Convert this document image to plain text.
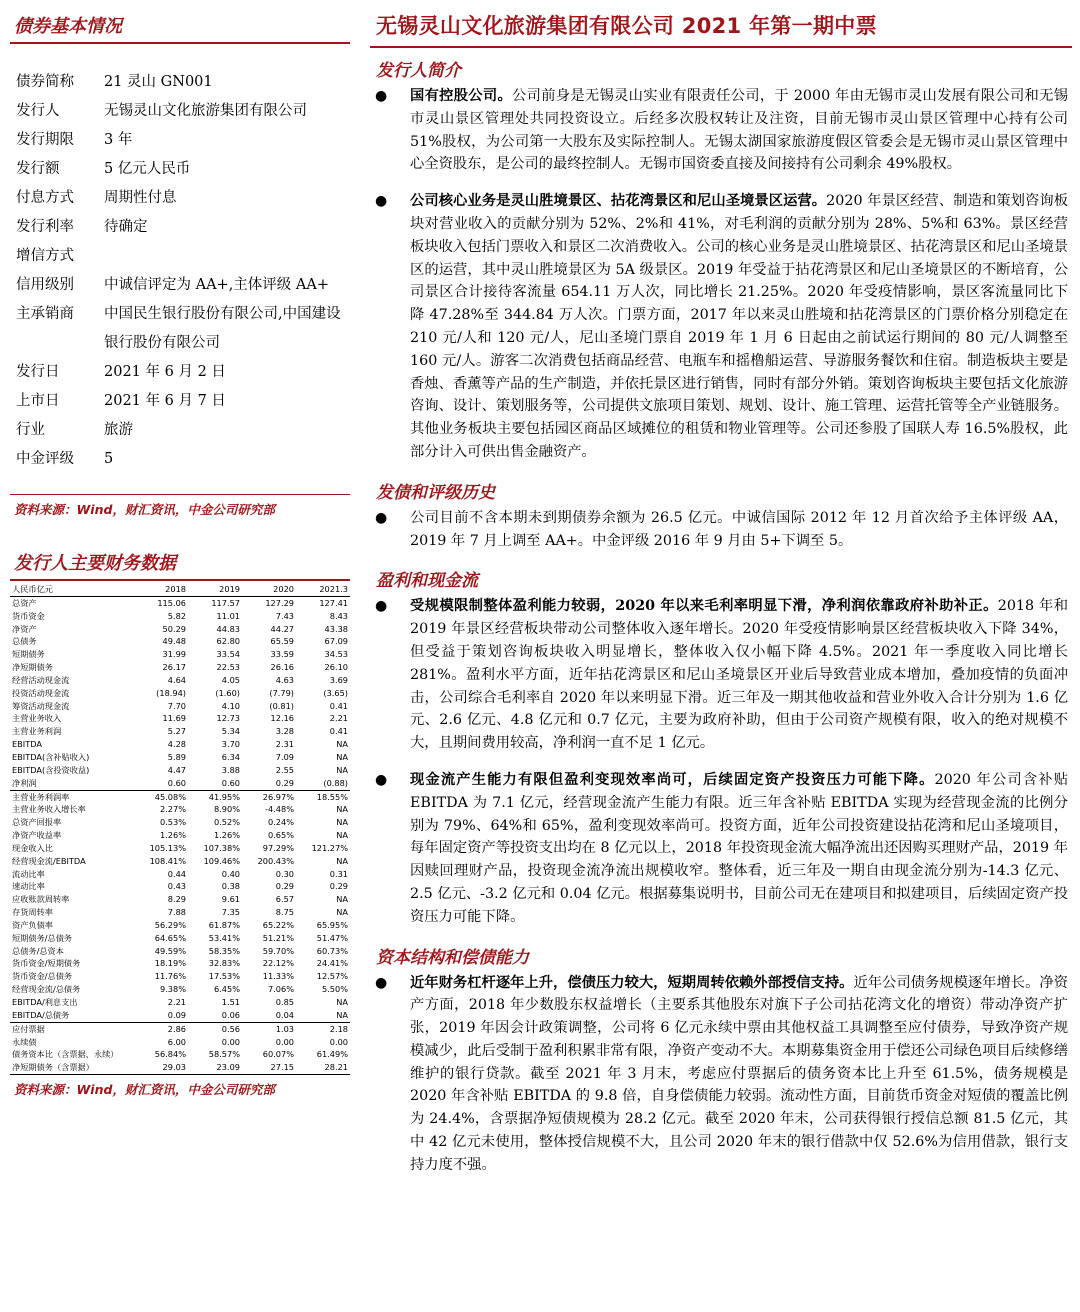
债券基本情况
债券简称	21 灵山 GN001
发行人	无锡灵山文化旅游集团有限公司
发行期限	3 年
发行额	5 亿元人民币
付息方式	周期性付息
发行利率	待确定
增信方式	
信用级别	中诚信评定为 AA+,主体评级 AA+
主承销商	中国民生银行股份有限公司,中国建设银行股份有限公司
发行日	2021 年 6 月 2 日
上市日	2021 年 6 月 7 日
行业	旅游
中金评级	5
资料来源：Wind，财汇资讯，中金公司研究部
发行人主要财务数据
人民币亿元	2018	2019	2020	2021.3
总资产	115.06	117.57	127.29	127.41
货币资金	5.82	11.01	7.43	8.43
净资产	50.29	44.83	44.27	43.38
总债务	49.48	62.80	65.59	67.09
短期债务	31.99	33.54	33.59	34.53
净短期债务	26.17	22.53	26.16	26.10
经营活动现金流	4.64	4.05	4.63	3.69
投资活动现金流	(18.94)	(1.60)	(7.79)	(3.65)
筹资活动现金流	7.70	4.10	(0.81)	0.41
主营业务收入	11.69	12.73	12.16	2.21
主营业务利润	5.27	5.34	3.28	0.41
EBITDA	4.28	3.70	2.31	NA
EBITDA(含补贴收入)	5.89	6.34	7.09	NA
EBITDA(含投资收益)	4.47	3.88	2.55	NA
净利润	0.60	0.60	0.29	(0.88)
主营业务利润率	45.08%	41.95%	26.97%	18.55%
主营业务收入增长率	2.27%	8.90%	-4.48%	NA
总资产回报率	0.53%	0.52%	0.24%	NA
净资产收益率	1.26%	1.26%	0.65%	NA
现金收入比	105.13%	107.38%	97.29%	121.27%
经营现金流/EBITDA	108.41%	109.46%	200.43%	NA
流动比率	0.44	0.40	0.30	0.31
速动比率	0.43	0.38	0.29	0.29
应收账款周转率	8.29	9.61	6.57	NA
存货周转率	7.88	7.35	8.75	NA
资产负债率	56.29%	61.87%	65.22%	65.95%
短期债务/总债务	64.65%	53.41%	51.21%	51.47%
总债务/总资本	49.59%	58.35%	59.70%	60.73%
货币资金/短期债务	18.19%	32.83%	22.12%	24.41%
货币资金/总债务	11.76%	17.53%	11.33%	12.57%
经营现金流/总债务	9.38%	6.45%	7.06%	5.50%
EBITDA/利息支出	2.21	1.51	0.85	NA
EBITDA/总债务	0.09	0.06	0.04	NA
应付票据	2.86	0.56	1.03	2.18
永续债	6.00	0.00	0.00	0.00
债务资本比（含票据、永续）	56.84%	58.57%	60.07%	61.49%
净短期债务（含票据）	29.03	23.09	27.15	28.21
资料来源：Wind，财汇资讯，中金公司研究部
无锡灵山文化旅游集团有限公司 2021 年第一期中票
发行人简介
● 国有控股公司。公司前身是无锡灵山实业有限责任公司，于 2000 年由无锡市灵山发展有限公司和无锡市灵山景区管理处共同投资设立。后经多次股权转让及注资，目前无锡市灵山景区管理中心持有公司 51%股权，为公司第一大股东及实际控制人。无锡太湖国家旅游度假区管委会是无锡市灵山景区管理中心全资股东，是公司的最终控制人。无锡市国资委直接及间接持有公司剩余 49%股权。
● 公司核心业务是灵山胜境景区、拈花湾景区和尼山圣境景区运营。2020 年景区经营、制造和策划咨询板块对营业收入的贡献分别为 52%、2%和 41%，对毛利润的贡献分别为 28%、5%和 63%。景区经营板块收入包括门票收入和景区二次消费收入。公司的核心业务是灵山胜境景区、拈花湾景区和尼山圣境景区的运营，其中灵山胜境景区为 5A 级景区。2019 年受益于拈花湾景区和尼山圣境景区的不断培育，公司景区合计接待客流量 654.11 万人次，同比增长 21.25%。2020 年受疫情影响，景区客流量同比下降 47.28%至 344.84 万人次。门票方面，2017 年以来灵山胜境和拈花湾景区的门票价格分别稳定在 210 元/人和 120 元/人，尼山圣境门票自 2019 年 1 月 6 日起由之前试运行期间的 80 元/人调整至 160 元/人。游客二次消费包括商品经营、电瓶车和摇橹船运营、导游服务餐饮和住宿。制造板块主要是香烛、香薰等产品的生产制造，并依托景区进行销售，同时有部分外销。策划咨询板块主要包括文化旅游咨询、设计、策划服务等，公司提供文旅项目策划、规划、设计、施工管理、运营托管等全产业链服务。其他业务板块主要包括园区商品区域摊位的租赁和物业管理等。公司还参股了国联人寿 16.5%股权，此部分计入可供出售金融资产。
发债和评级历史
● 公司目前不含本期未到期债券余额为 26.5 亿元。中诚信国际 2012 年 12 月首次给予主体评级 AA，2019 年 7 月上调至 AA+。中金评级 2016 年 9 月由 5+下调至 5。
盈利和现金流
● 受规模限制整体盈利能力较弱，2020 年以来毛利率明显下滑，净利润依靠政府补助补正。2018 年和 2019 年景区经营板块带动公司整体收入逐年增长。2020 年受疫情影响景区经营板块收入下降 34%，但受益于策划咨询板块收入明显增长，整体收入仅小幅下降 4.5%。2021 年一季度收入同比增长 281%。盈利水平方面，近年拈花湾景区和尼山圣境景区开业后导致营业成本增加，叠加疫情的负面冲击，公司综合毛利率自 2020 年以来明显下滑。近三年及一期其他收益和营业外收入合计分别为 1.6 亿元、2.6 亿元、4.8 亿元和 0.7 亿元，主要为政府补助，但由于公司资产规模有限，收入的绝对规模不大，且期间费用较高，净利润一直不足 1 亿元。
● 现金流产生能力有限但盈利变现效率尚可，后续固定资产投资压力可能下降。2020 年公司含补贴 EBITDA 为 7.1 亿元，经营现金流产生能力有限。近三年含补贴 EBITDA 实现为经营现金流的比例分别为 79%、64%和 65%，盈利变现效率尚可。投资方面，近年公司投资建设拈花湾和尼山圣境项目，每年固定资产等投资支出均在 8 亿元以上，2018 年投资现金流大幅净流出还因购买理财产品，2019 年因赎回理财产品，投资现金流净流出规模收窄。整体看，近三年及一期自由现金流分别为-14.3 亿元、2.5 亿元、-3.2 亿元和 0.04 亿元。根据募集说明书，目前公司无在建项目和拟建项目，后续固定资产投资压力可能下降。
资本结构和偿债能力
● 近年财务杠杆逐年上升，偿债压力较大，短期周转依赖外部授信支持。近年公司债务规模逐年增长。净资产方面，2018 年少数股东权益增长（主要系其他股东对旗下子公司拈花湾文化的增资）带动净资产扩张，2019 年因会计政策调整，公司将 6 亿元永续中票由其他权益工具调整至应付债券，导致净资产规模减少，此后受制于盈利积累非常有限，净资产变动不大。本期募集资金用于偿还公司绿色项目后续修缮维护的银行贷款。截至 2021 年 3 月末，考虑应付票据后的债务资本比上升至 61.5%，债务规模是 2020 年含补贴 EBITDA 的 9.8 倍，自身偿债能力较弱。流动性方面，目前货币资金对短债的覆盖比例为 24.4%，含票据净短债规模为 28.2 亿元。截至 2020 年末，公司获得银行授信总额 81.5 亿元，其中 42 亿元未使用，整体授信规模不大，且公司 2020 年末的银行借款中仅 52.6%为信用借款，银行支持力度不强。
